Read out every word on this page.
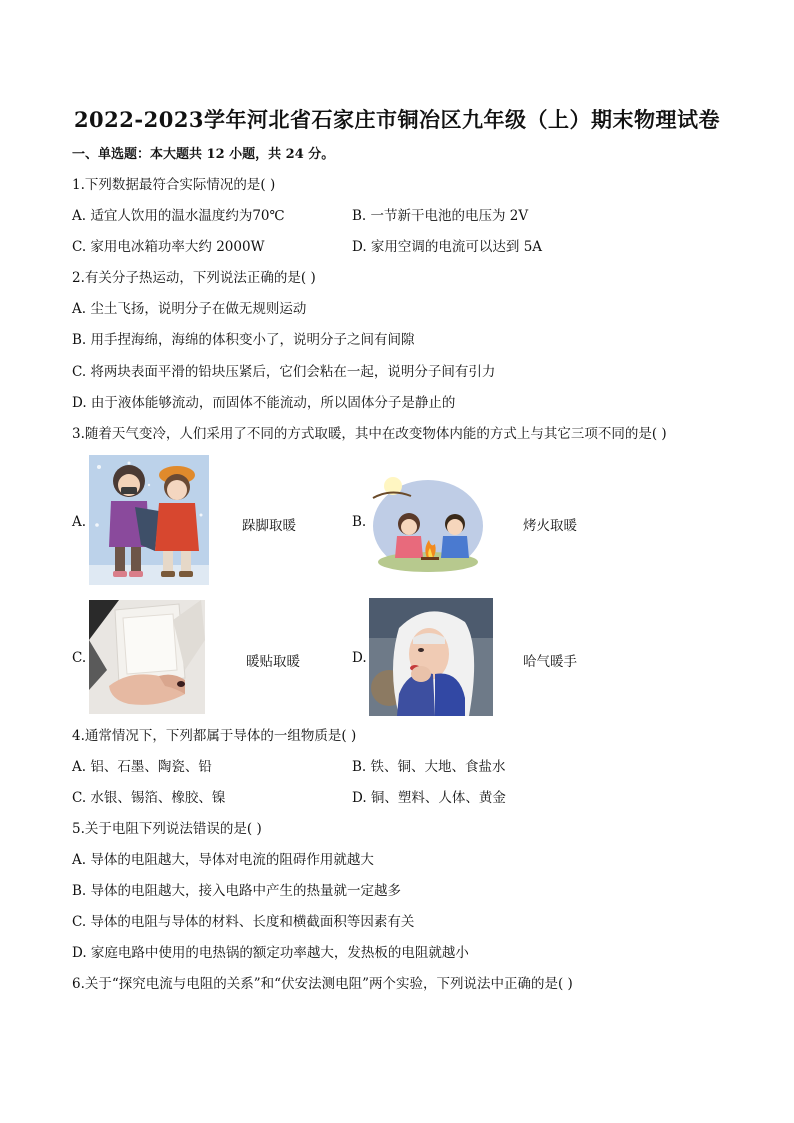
2022-2023学年河北省石家庄市铜冶区九年级（上）期末物理试卷
一、单选题：本大题共 12 小题，共 24 分。
1.下列数据最符合实际情况的是( )
A. 适宜人饮用的温水温度约为70℃	B. 一节新干电池的电压为 2V
C. 家用电冰箱功率大约 2000W	D. 家用空调的电流可以达到 5A
2.有关分子热运动，下列说法正确的是( )
A. 尘土飞扬，说明分子在做无规则运动
B. 用手捏海绵，海绵的体积变小了，说明分子之间有间隙
C. 将两块表面平滑的铅块压紧后，它们会粘在一起，说明分子间有引力
D. 由于液体能够流动，而固体不能流动，所以固体分子是静止的
3.随着天气变冷，人们采用了不同的方式取暖，其中在改变物体内能的方式上与其它三项不同的是( )
A.	跺脚取暖	B.	烤火取暖
C.	暖贴取暖	D.	哈气暖手
4.通常情况下，下列都属于导体的一组物质是( )
A. 铝、石墨、陶瓷、铅	B. 铁、铜、大地、食盐水
C. 水银、锡箔、橡胶、镍	D. 铜、塑料、人体、黄金
5.关于电阻下列说法错误的是( )
A. 导体的电阻越大，导体对电流的阻碍作用就越大
B. 导体的电阻越大，接入电路中产生的热量就一定越多
C. 导体的电阻与导体的材料、长度和横截面积等因素有关
D. 家庭电路中使用的电热锅的额定功率越大，发热板的电阻就越小
6.关于“探究电流与电阻的关系”和“伏安法测电阻”两个实验，下列说法中正确的是( )
